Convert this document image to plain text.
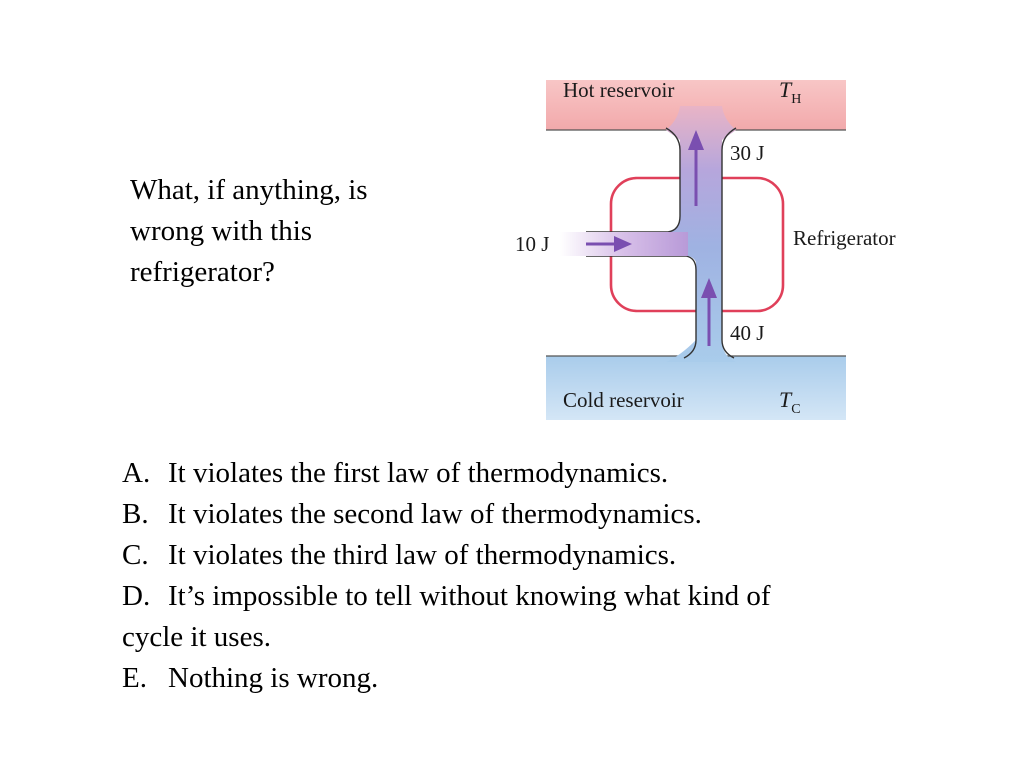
What, if anything, is
wrong with this
refrigerator?
Hot reservoir	$T_H$
Cold reservoir	$T_C$
30 J
40 J
10 J	Refrigerator
A. It violates the first law of thermodynamics.
B. It violates the second law of thermodynamics.
C. It violates the third law of thermodynamics.
D. It’s impossible to tell without knowing what kind of
cycle it uses.
E. Nothing is wrong.
